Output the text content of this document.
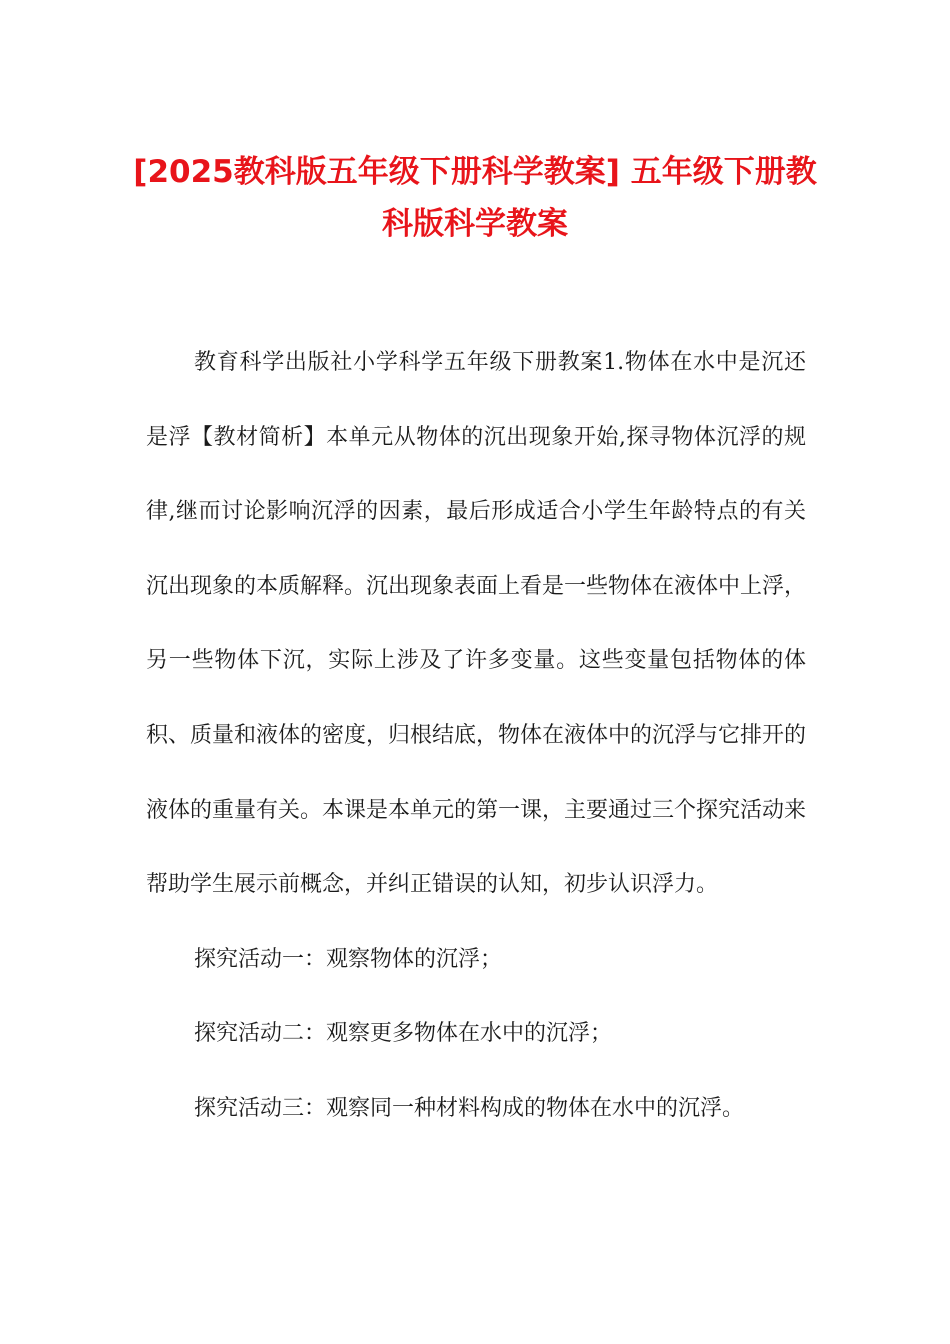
[2025教科版五年级下册科学教案] 五年级下册教科版科学教案

教育科学出版社小学科学五年级下册教案1.物体在水中是沉还是浮【教材简析】本单元从物体的沉出现象开始,探寻物体沉浮的规律,继而讨论影响沉浮的因素，最后形成适合小学生年龄特点的有关沉出现象的本质解释。沉出现象表面上看是一些物体在液体中上浮，另一些物体下沉，实际上涉及了许多变量。这些变量包括物体的体积、质量和液体的密度，归根结底，物体在液体中的沉浮与它排开的液体的重量有关。本课是本单元的第一课，主要通过三个探究活动来帮助学生展示前概念，并纠正错误的认知，初步认识浮力。

探究活动一：观察物体的沉浮；

探究活动二：观察更多物体在水中的沉浮；

探究活动三：观察同一种材料构成的物体在水中的沉浮。
